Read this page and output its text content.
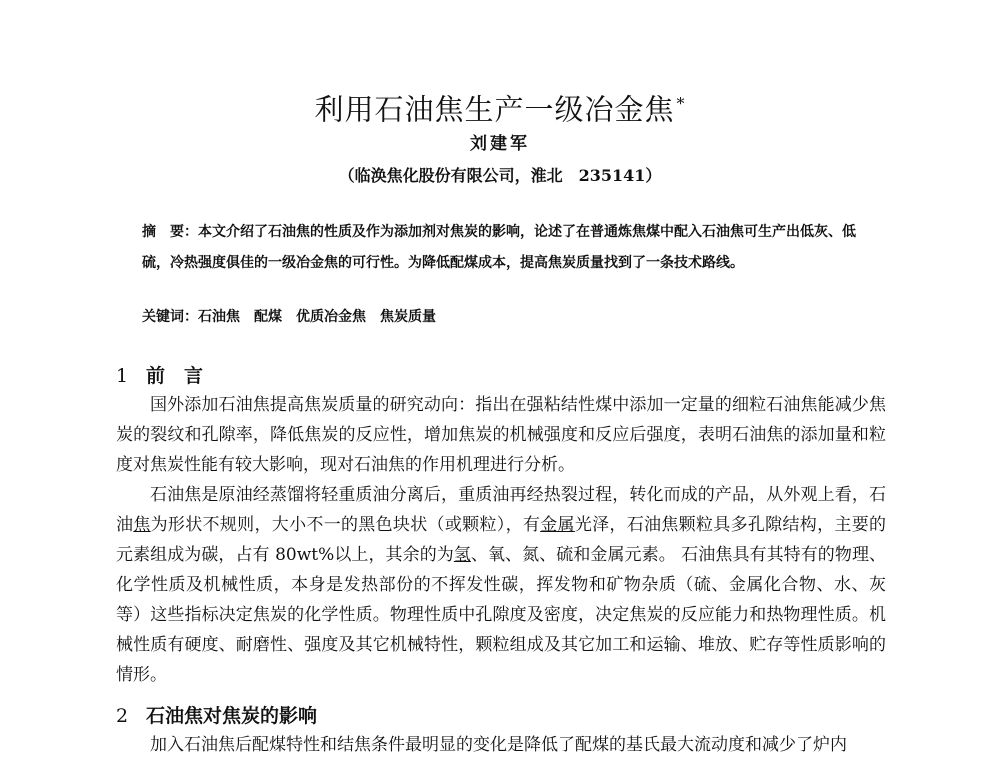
利用石油焦生产一级冶金焦 *
刘建军
（临涣焦化股份有限公司，淮北　235141）

摘　要：本文介绍了石油焦的性质及作为添加剂对焦炭的影响，论述了在普通炼焦煤中配入石油焦可生产出低灰、低硫，冷热强度俱佳的一级冶金焦的可行性。为降低配煤成本，提高焦炭质量找到了一条技术路线。

关键词：石油焦　配煤　优质冶金焦　焦炭质量
1 前　言

国外添加石油焦提高焦炭质量的研究动向：指出在强粘结性煤中添加一定量的细粒石油焦能减少焦炭的裂纹和孔隙率，降低焦炭的反应性，增加焦炭的机械强度和反应后强度，表明石油焦的添加量和粒度对焦炭性能有较大影响，现对石油焦的作用机理进行分析。

石油焦是原油经蒸馏将轻重质油分离后，重质油再经热裂过程，转化而成的产品，从外观上看，石油焦为形状不规则，大小不一的黑色块状（或颗粒），有金属光泽，石油焦颗粒具多孔隙结构，主要的元素组成为碳，占有 80wt%以上，其余的为氢、氧、氮、硫和金属元素。 石油焦具有其特有的物理、化学性质及机械性质，本身是发热部份的不挥发性碳，挥发物和矿物杂质（硫、金属化合物、水、灰等）这些指标决定焦炭的化学性质。物理性质中孔隙度及密度，决定焦炭的反应能力和热物理性质。机械性质有硬度、耐磨性、强度及其它机械特性，颗粒组成及其它加工和运输、堆放、贮存等性质影响的情形。

2 石油焦对焦炭的影响

加入石油焦后配煤特性和结焦条件最明显的变化是降低了配煤的基氏最大流动度和减少了炉内
